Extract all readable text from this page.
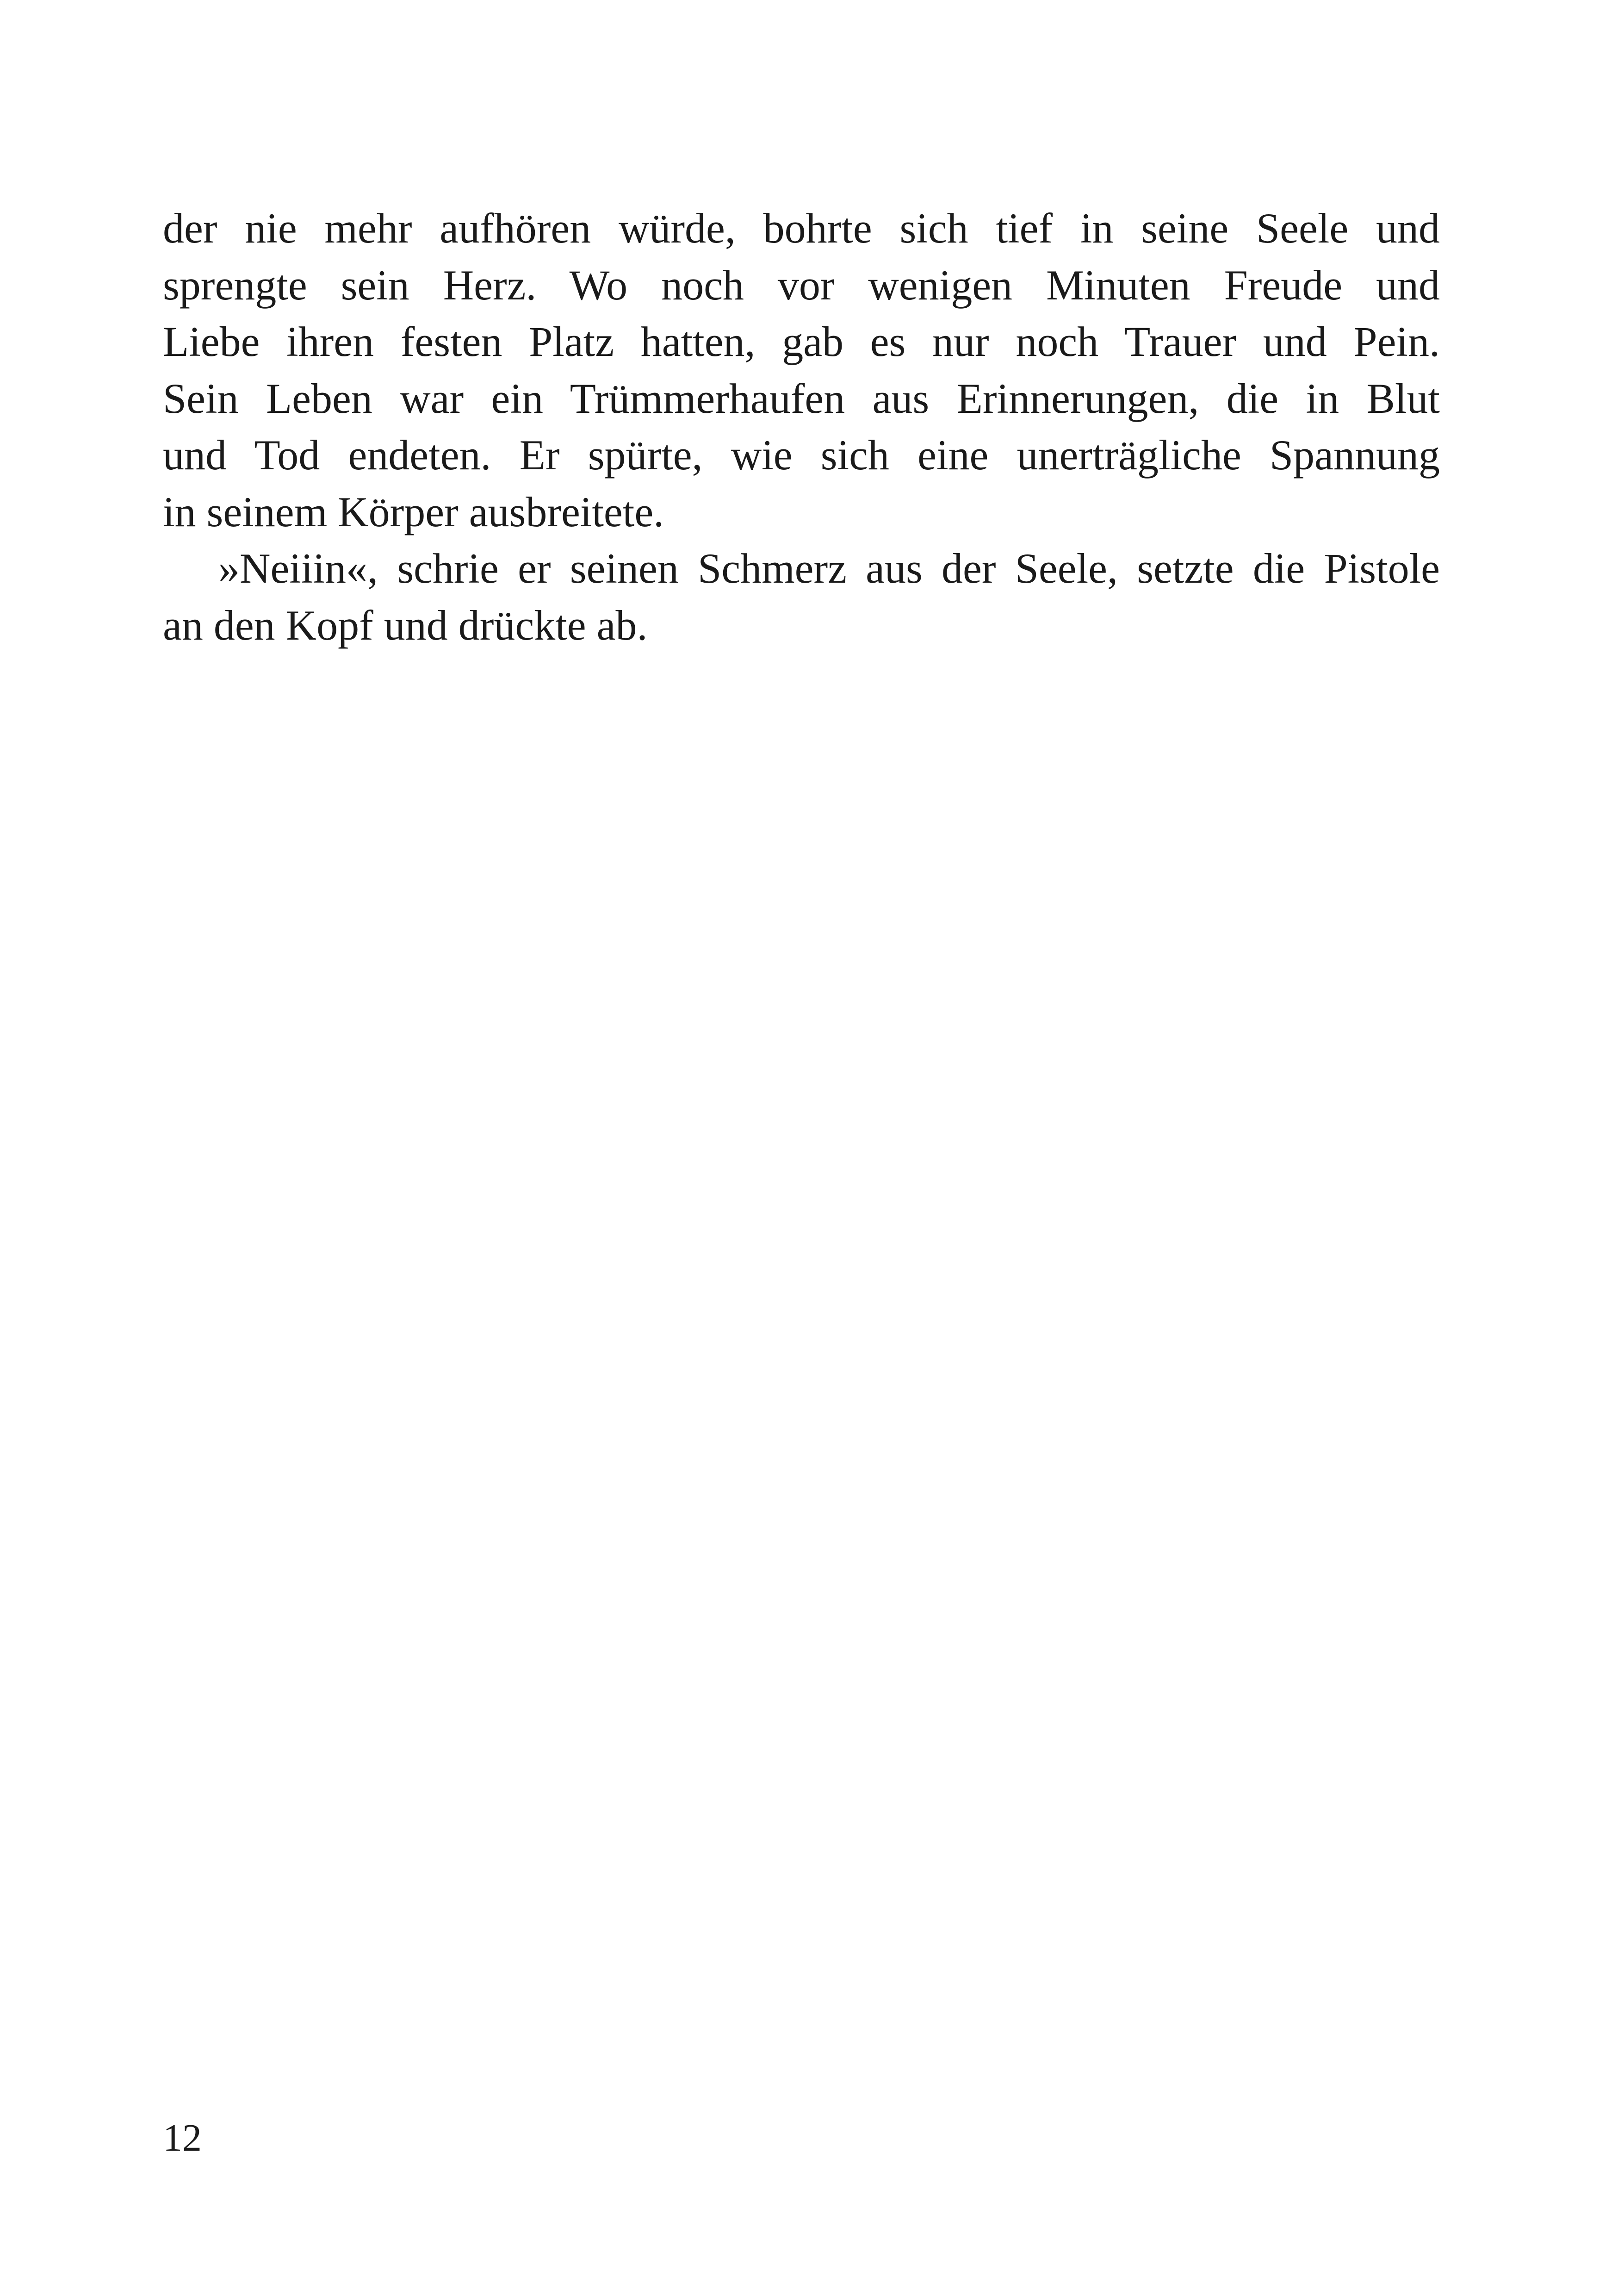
der nie mehr aufhören würde, bohrte sich tief in seine Seele und
sprengte sein Herz. Wo noch vor wenigen Minuten Freude und
Liebe ihren festen Platz hatten, gab es nur noch Trauer und Pein.
Sein Leben war ein Trümmerhaufen aus Erinnerungen, die in Blut
und Tod endeten. Er spürte, wie sich eine unerträgliche Spannung
in seinem Körper ausbreitete.
»Neiiin«, schrie er seinen Schmerz aus der Seele, setzte die Pistole
an den Kopf und drückte ab.
12
